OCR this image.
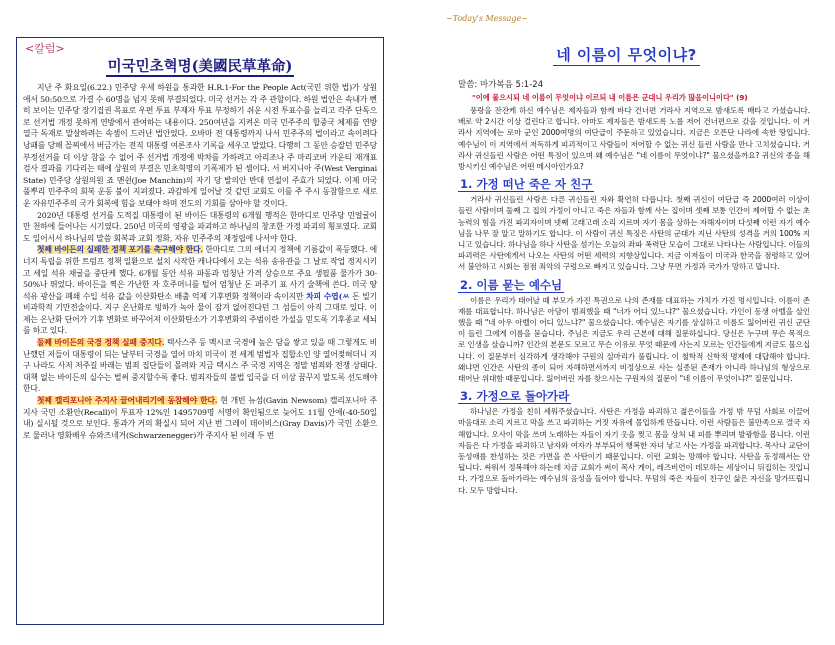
<칼럼>
미국민초혁명(美國民草革命)

지난 주 화요일(6.22.) 민주당 우세 하원을 통과한 H.R.1-For the People Act(국민 위한 법)가 상원에서 50:50으로 가결 수 60명을 넘지 못해 부결되었다. 미국 선거는 각 주 관할이다. 하원 법안은 속내가 뻔히 보이는 민주당 장기집권 목표로 우편 투표 부재자 투표 부정하기 쉬운 시전 투표수를 늘리고 각주 단독으로 선거법 개정 못하게 연방에서 관여하는 내용이다. 250여년을 지켜온 미국 민주주의 합중국 체제를 연방 열극 독재로 말살하려는 속셈이 드러난 법안었다. 오바마 전 대통령까지 나서 민주주의 법이라고 속이려다 낭패를 당해 꼴찌에서 버금가는 전직 대통령 여론조사 기록을 세우고 말았다. 다행히 그 동안 승잘던 민주당 부정선거를 더 이상 참을 수 없어 주 선거법 개정에 박차를 가하려고 아리조나 주 마리코버 카운티 재개표 검사 결과를 기다리는 때에 상원의 부결은 민초혁명의 기폭제가 된 셈이다. 서 버지니아 주(West Verginai State) 민주당 상원의원 죠 맨쉰(Joe Manchin)의 자기 당 발의안 반대 연설이 주효가 되었다. 이제 미국 풀뿌리 민주주의 회복 운동 불이 지펴졌다. 과감하게 일어날 것 같던 교회도 이를 주 주시 동참함으로 새로운 자유민주주의 국가 회복에 힘을 보태야 하며 전도의 기회를 삼아야 할 것이다.

2020년 대통령 선거를 도적질 대통령이 된 바이든 대통령의 6개월 행적은 한마디로 민주당 민얼굴이 만 천하에 들어나는 시기였다. 250년 미국의 영광을 파괴하고 하나님의 창조한 가정 파괴의 횡포였다. 교회도 일어서서 하나님의 말씀 회복과 교회 정화, 자유 민주주의 재정립에 나서야 한다.

첫째 바이든의 실패한 정책 포기를 촉구해야 한다. 한마디로 그의 에너지 정책에 기름값이 폭등했다. 에너지 독립을 위한 트럼프 정책 일환으로 설치 시작한 캐나다에서 오는 석유 송유관을 그 날로 작업 정지시키고 세일 석유 채굴을 중단케 했다. 6개월 동안 석유 파동과 엄청난 가격 상승으로 주요 생필품 물가가 30-50%나 뛰었다. 바이든을 찍은 가난한 자 호주머니를 털어 엄청난 돈 퍼주기 표 사기 술책에 쓴다. 미국 땅 석유 광산을 폐쇄 수입 석유 값을 이산화탄소 배출 억제 기후변화 정책이라 속이지만 차피 수엽(ㅆ 돈 빌기 비과학적 기만전술이다. 지구 온난화로 빙하가 녹아 물이 잠겨 없어진다던 그 섬들이 아직 그대로 있다. 이제는 온난화 단어가 기후 변화로 바꾸어져 이산화탄소가 기후변화의 주범이란 가설을 믿도록 기후종교 세뇌를 하고 있다.

둘째 바이든의 국경 정책 실패 중지다. 텍사스주 등 멕시코 국경에 높은 담을 쌓고 있을 때 그렇게도 비난했던 저들이 대통령이 되는 날부터 국경을 열어 마치 미국이 전 세계 범법자 집합소인 양 열어젖혀더니 지구 나라도 사저 저주길 바래는 범죄 집단들이 몰려와 지금 택시스 주 국경 지역은 정말 범죄와 전쟁 상태다. 대책 없는 바이든의 실수는 벌써 중지할수록 좋다. 범죄자들의 불법 입국을 더 이상 꿈꾸지 말도록 선도해야 한다.

첫째 캘리포니아 주지사 끌어내리기에 동참해야 한다. 현 개빈 뉴섬(Gavin Newsom) 캘리포니아 주지사 국민 소환안(Recall)이 투표자 12%인 1495709명 서명이 확인됨으로 늦어도 11월 안에(-40-50일 내) 실시될 것으로 보인다. 통과가 거의 확실시 되어 지난 번 그레이 데이비스(Gray Davis)가 국민 소환으로 물러나 영화배우 슈와즈네거(Schwarzenegger)가 주지사 된 이래 두 번

~Today's Message~
네 이름이 무엇이냐?
말씀: 마가복음 5:1-24
"이에 물으시되 네 이름이 무엇이냐 이르되 내 이름은 군대니 우리가 많음이니이다" (9)

풍랑을 잔잔케 하신 예수님은 제자들과 함께 바다 건너편 거라사 지역으로 밤새도록 배타고 가셨습니다. 배로 약 2시간 이상 걸린다고 합니다. 아마도 제자들은 밤새도록 노를 저어 건너편으로 갔을 것입니다. 이 거라사 지역에는 로마 군인 2000여명의 여단급이 주둔하고 있었습니다. 지금은 오픈단 나라에 속한 땅입니다. 예수님이 이 지역에서 저독하게 피괴적이고 사람들이 저어할 수 없는 귀신 들린 사람을 만나 고치셨습니다. 거라사 귀신들린 사람은 어떤 특징이 있으며 왜 예수님은 "네 이름이 무엇이냐?" 물으셨을까요? 귀신의 종을 해방시키신 예수님은 어떤 메시아인가요?

1. 가정 떠난 죽은 자 친구

거라사 귀신들린 사람은 다른 귀신들린 자와 확연히 다릅니다. 첫째 귀신이 여단급 즉 2000여러 이상이 들린 사람이며 둘째 그 집의 가정이 아니고 죽은 자들과 함께 사는 집이며 셋째 보통 인간이 제어할 수 없는 초능력의 힘을 가진 파괴자이며 넷째 고래고래 소리 지르며 자기 몸을 상하는 자해자이며 다섯째 이런 자기 예수님을 나무 잘 알고 말하기도 합니다. 이 사람이 귀신 특징은 사탄의 군대가 지닌 사탄의 성격을 거의 100% 지니고 있습니다. 하나님을 하나 사탄을 섬기는 오늘의 좌파 폭력단 모습이 그대로 나타나는 사람입니다. 이들의 파괴력은 사탄에게서 나오는 사탄의 어떤 세력의 지향상입니다. 지금 이저들이 미국과 한국을 점령하고 있어서 불안하고 시회는 점점 죄악의 구렁으로 빠지고 있습니다. 그냥 무면 가정과 국가가 망하고 맙니다.

2. 이름 묻는 예수님

이름은 우리가 태어날 때 부모가 가진 특권으로 나의 존재를 대표하는 가치가 가진 명시입니다. 이름이 존재를 대표합니다. 하나님은 아담이 범죄했을 때 "너가 어디 있느냐?" 물으셨습니다. 가인이 동생 아벨을 살인했을 때 "네 아우 아벨이 어디 있느냐?" 물으셨습니다. 예수님은 자기를 상실하고 이름도 잃어버린 귀신 군단이 들린 그에게 이름을 묻습니다. 주님은 지금도 우리 근본에 대해 질문하십니다. 당신은 누구며 무슨 목적으로 인생을 살습니까? 인간의 본문도 모르고 무슨 이유로 무엇 때문에 사는지 모르는 인간들에게 지금도 물으십니다. 이 질문부터 심각하게 생각해야 구원의 실마리가 풀립니다. 이 철학적 신학적 명제에 대답해야 합니다. 왜냐면 인간은 사탄의 종이 되어 자해하면서까지 비정상으로 사는 실종된 존재가 아니라 하나님의 형상으로 태어난 위대함 때문입니다. 잃어버린 자를 찾으시는 구원자의 질문이 "네 이름이 무엇이냐?" 질문입니다.

3. 가정으로 돌아가라

하나님은 가정을 친히 세워주셨습니다. 사탄은 가정을 파괴하고 젊은이들을 가정 밖 무덤 사회로 이끌어 마음대로 소리 지르고 막을 쓰고 파괴하는 거짓 자유에 몰입하게 만듭니다. 이런 사람들은 불만족으로 결국 자해합니다. 오사이 막을 쓰며 노래하는 자들이 자기 옷을 찢고 몸을 상처 내 피를 뿌리며 발광함을 봅니다. 이런 자들은 다 가정을 파괴하고 남자와 여자가 부부되어 행복한 자녀 낳고 사는 가정을 파괴합니다. 목사나 교단이 동성애를 찬성하는 것은 가면을 쓴 사탄이기 때문입니다. 이런 교회는 망해야 합니다. 사탄을 동정해서는 안 됩니다. 싸워서 정복해야 하는데 지금 교회가 써이 목사 게이, 레즈비언이 데모하는 세상이니 뒤집히는 것입니다. 가정으로 돌아가라는 예수님의 음성을 들어야 합니다. 무덤의 죽은 자들이 친구인 삶은 자신을 망가뜨립니다. 모두 망합니다.
